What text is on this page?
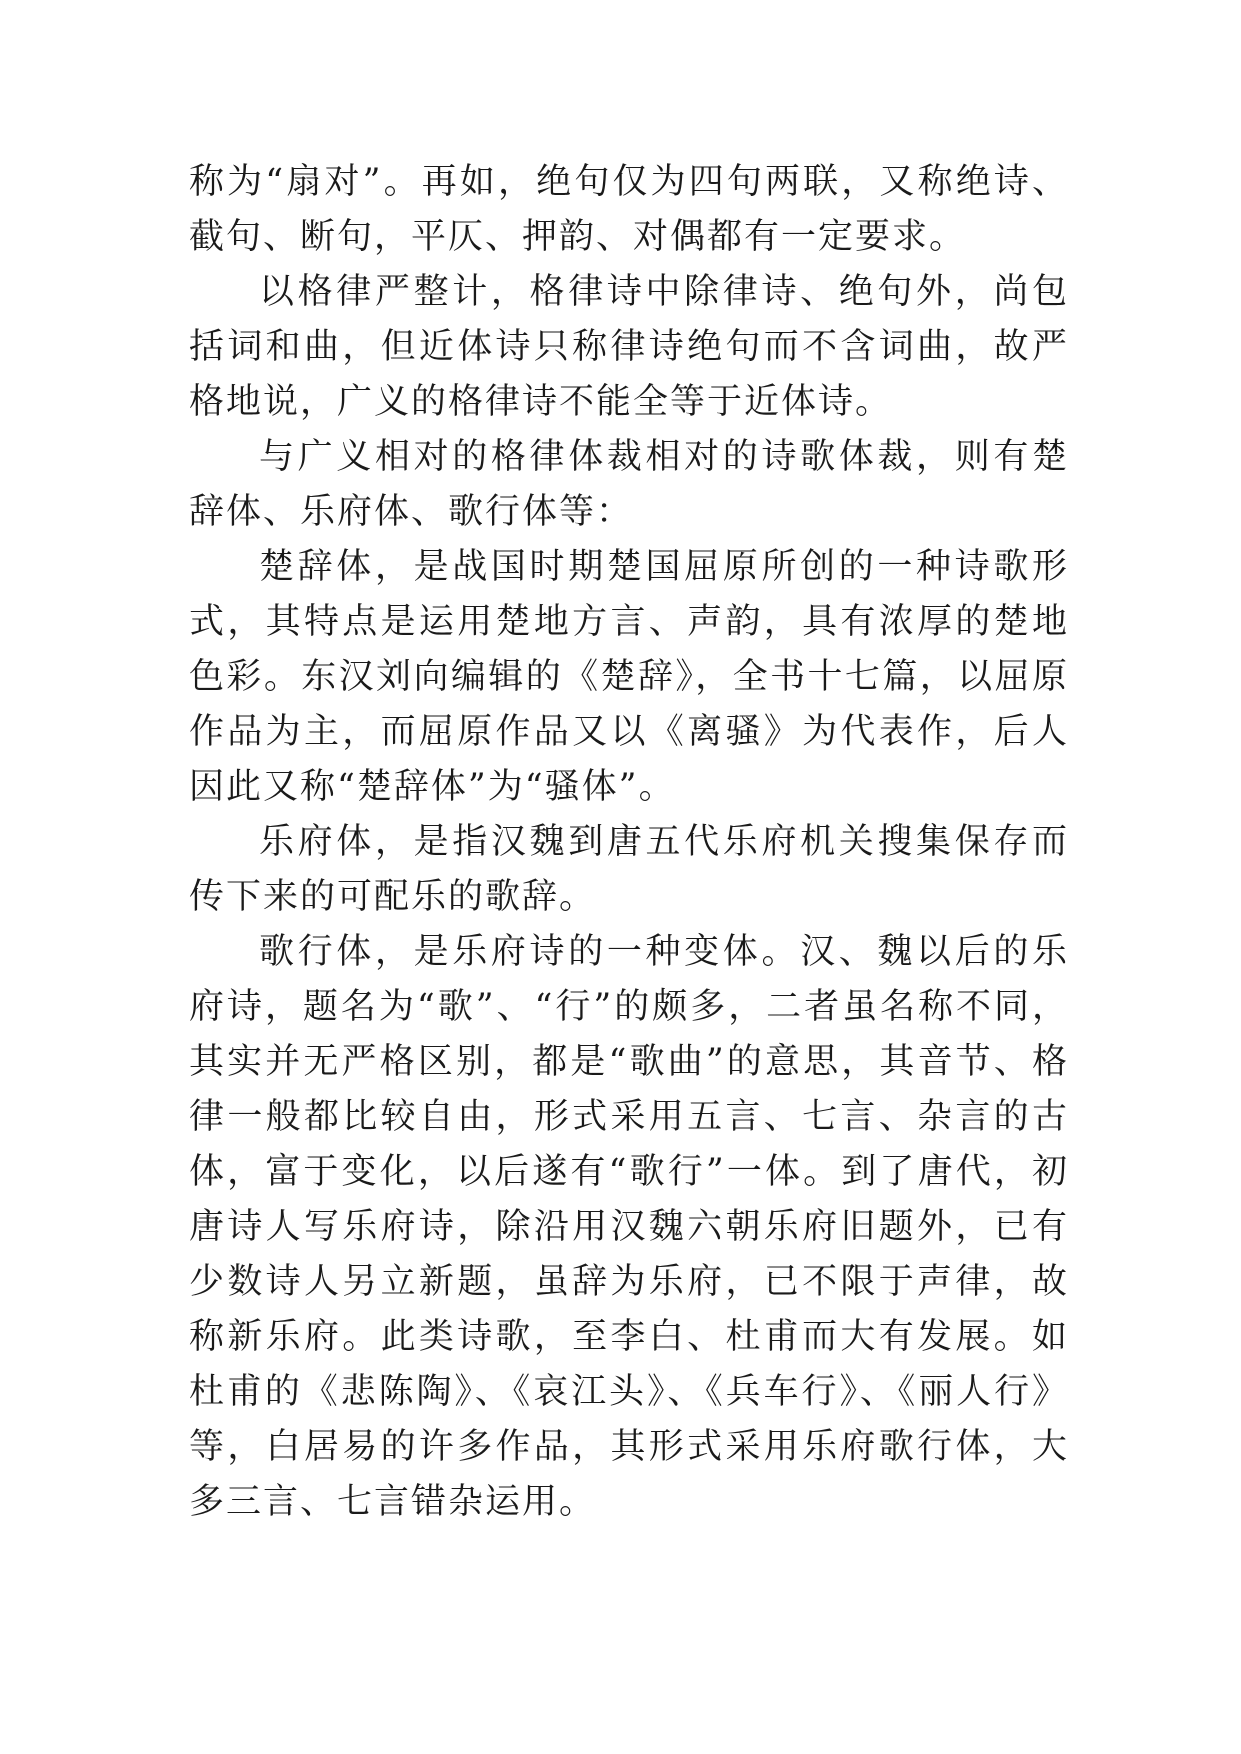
称为“扇对”。再如，绝句仅为四句两联，又称绝诗、截句、断句，平仄、押韵、对偶都有一定要求。

以格律严整计，格律诗中除律诗、绝句外，尚包括词和曲，但近体诗只称律诗绝句而不含词曲，故严格地说，广义的格律诗不能全等于近体诗。

与广义相对的格律体裁相对的诗歌体裁，则有楚辞体、乐府体、歌行体等：

楚辞体，是战国时期楚国屈原所创的一种诗歌形式，其特点是运用楚地方言、声韵，具有浓厚的楚地色彩。东汉刘向编辑的《楚辞》，全书十七篇，以屈原作品为主，而屈原作品又以《离骚》为代表作，后人因此又称“楚辞体”为“骚体”。

乐府体，是指汉魏到唐五代乐府机关搜集保存而传下来的可配乐的歌辞。

歌行体，是乐府诗的一种变体。汉、魏以后的乐府诗，题名为“歌”、“行”的颇多，二者虽名称不同，其实并无严格区别，都是“歌曲”的意思，其音节、格律一般都比较自由，形式采用五言、七言、杂言的古体，富于变化，以后遂有“歌行”一体。到了唐代，初唐诗人写乐府诗，除沿用汉魏六朝乐府旧题外，已有少数诗人另立新题，虽辞为乐府，已不限于声律，故称新乐府。此类诗歌，至李白、杜甫而大有发展。如杜甫的《悲陈陶》、《哀江头》、《兵车行》、《丽人行》等，白居易的许多作品，其形式采用乐府歌行体，大多三言、七言错杂运用。
